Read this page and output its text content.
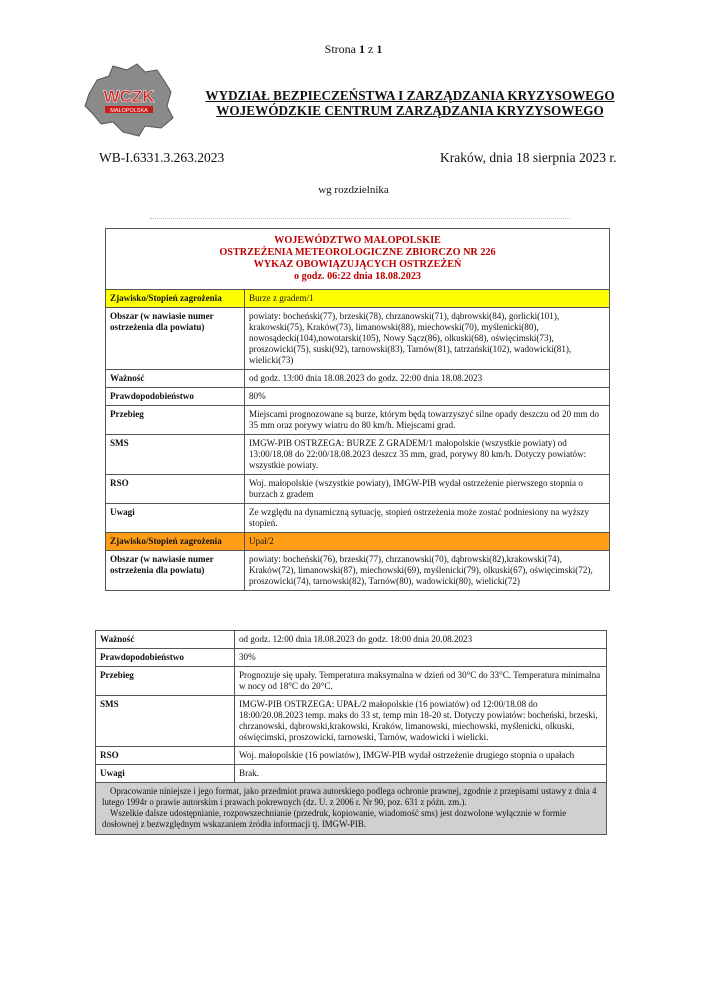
Strona 1 z 1
WCZK
MAŁOPOLSKA
WYDZIAŁ BEZPIECZEŃSTWA I ZARZĄDZANIA KRYZYSOWEGO
WOJEWÓDZKIE CENTRUM ZARZĄDZANIA KRYZYSOWEGO
WB-I.6331.3.263.2023	Kraków, dnia 18 sierpnia 2023 r.
wg rozdzielnika
WOJEWÓDZTWO MAŁOPOLSKIE
OSTRZEŻENIA METEOROLOGICZNE ZBIORCZO NR 226
WYKAZ OBOWIĄZUJĄCYCH OSTRZEŻEŃ
o godz. 06:22 dnia 18.08.2023	

Zjawisko/Stopień zagrożenia	Burze z gradem/1
Obszar (w nawiasie numer ostrzeżenia dla powiatu)	powiaty: bocheński(77), brzeski(78), chrzanowski(71), dąbrowski(84), gorlicki(101), krakowski(75), Kraków(73), limanowski(88), miechowski(70), myślenicki(80), nowosądecki(104),nowotarski(105), Nowy Sącz(86), olkuski(68), oświęcimski(73), proszowicki(75), suski(92), tarnowski(83), Tarnów(81), tatrzański(102), wadowicki(81), wielicki(73)
Ważność	od godz. 13:00 dnia 18.08.2023 do godz. 22:00 dnia 18.08.2023
Prawdopodobieństwo	80%
Przebieg	Miejscami prognozowane są burze, którym będą towarzyszyć silne opady deszczu od 20 mm do 35 mm oraz porywy wiatru do 80 km/h. Miejscami grad.
SMS	IMGW-PIB OSTRZEGA: BURZE Z GRADEM/1 małopolskie (wszystkie powiaty) od 13:00/18.08 do 22:00/18.08.2023 deszcz 35 mm, grad, porywy 80 km/h. Dotyczy powiatów: wszystkie powiaty.
RSO	Woj. małopolskie (wszystkie powiaty), IMGW-PIB wydał ostrzeżenie pierwszego stopnia o burzach z gradem
Uwagi	Ze względu na dynamiczną sytuację, stopień ostrzeżenia może zostać podniesiony na wyższy stopień.
Zjawisko/Stopień zagrożenia	Upał/2
Obszar (w nawiasie numer ostrzeżenia dla powiatu)	powiaty: bocheński(76), brzeski(77), chrzanowski(70), dąbrowski(82),krakowski(74), Kraków(72), limanowski(87), miechowski(69), myślenicki(79), olkuski(67), oświęcimski(72), proszowicki(74), tarnowski(82), Tarnów(80), wadowicki(80), wielicki(72)
Ważność	od godz. 12:00 dnia 18.08.2023 do godz. 18:00 dnia 20.08.2023
Prawdopodobieństwo	30%
Przebieg	Prognozuje się upały. Temperatura maksymalna w dzień od 30°C do 33°C. Temperatura minimalna w nocy od 18°C do 20°C.
SMS	IMGW-PIB OSTRZEGA: UPAŁ/2 małopolskie (16 powiatów) od 12:00/18.08 do 18:00/20.08.2023 temp. maks do 33 st, temp min 18-20 st. Dotyczy powiatów: bocheński, brzeski, chrzanowski, dąbrowski,krakowski, Kraków, limanowski, miechowski, myślenicki, olkuski, oświęcimski, proszowicki, tarnowski, Tarnów, wadowicki i wielicki.
RSO	Woj. małopolskie (16 powiatów), IMGW-PIB wydał ostrzeżenie drugiego stopnia o upałach
Uwagi	Brak.

Opracowanie niniejsze i jego format, jako przedmiot prawa autorskiego podlega ochronie prawnej, zgodnie z przepisami ustawy z dnia 4 lutego 1994r o prawie autorskim i prawach pokrewnych (dz. U. z 2006 r. Nr 90, poz. 631 z późn. zm.).
Wszelkie dalsze udostępnianie, rozpowszechnianie (przedruk, kopiowanie, wiadomość sms) jest dozwolone wyłącznie w formie dosłownej z bezwzględnym wskazaniem źródła informacji tj. IMGW-PIB.	
